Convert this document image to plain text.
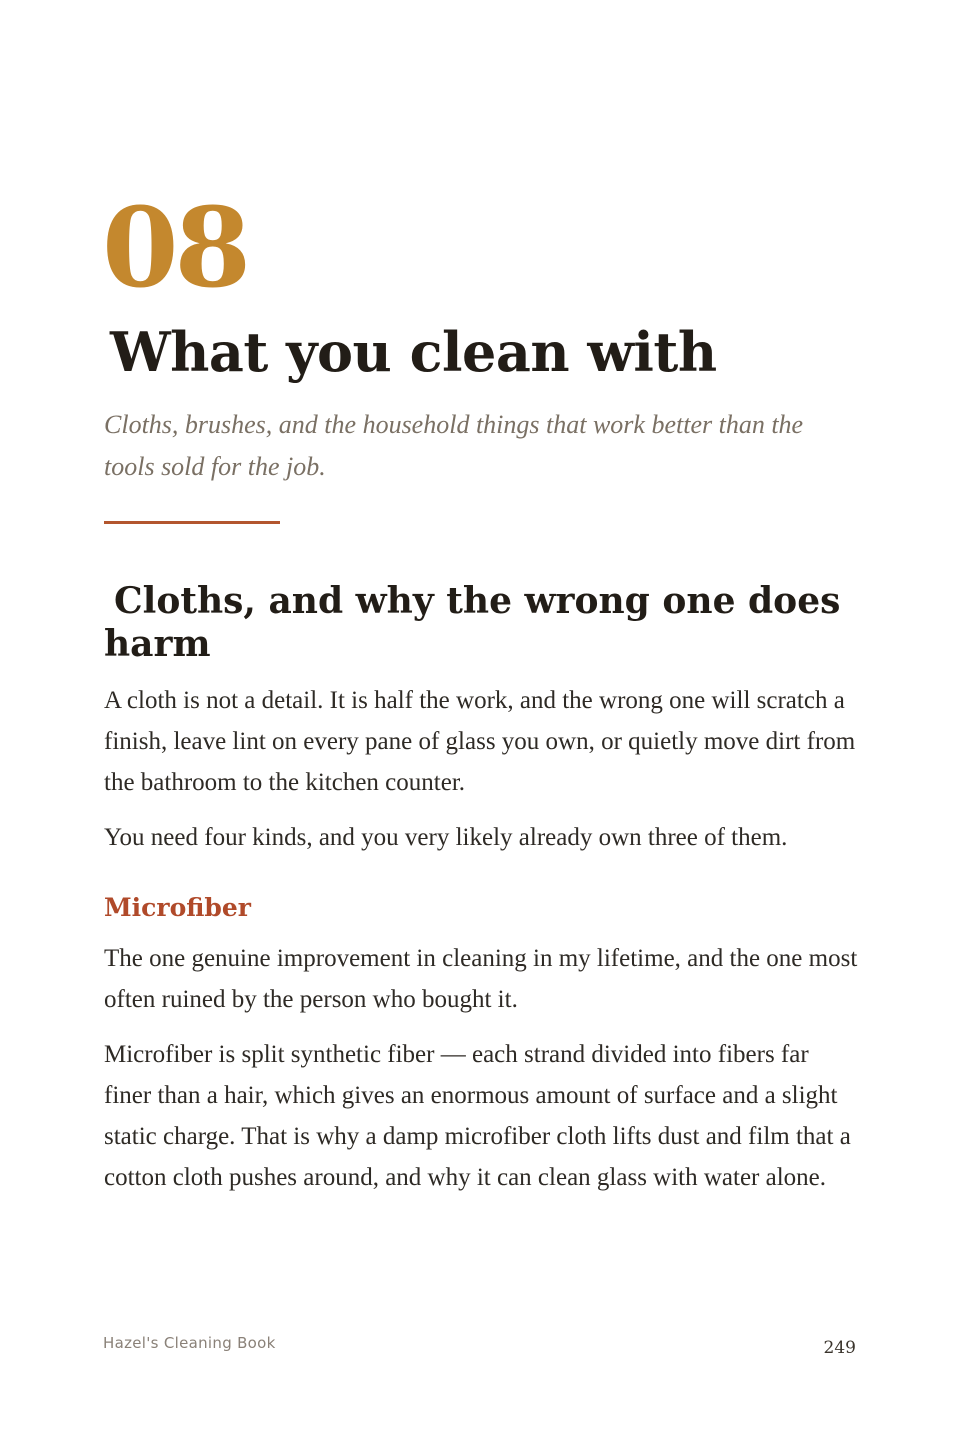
08
What you clean with

Cloths, brushes, and the household things that work better than the tools sold for the job.

Cloths, and why the wrong one does harm

A cloth is not a detail. It is half the work, and the wrong one will scratch a finish, leave lint on every pane of glass you own, or quietly move dirt from the bathroom to the kitchen counter.

You need four kinds, and you very likely already own three of them.

Microfiber

The one genuine improvement in cleaning in my lifetime, and the one most often ruined by the person who bought it.

Microfiber is split synthetic fiber — each strand divided into fibers far finer than a hair, which gives an enormous amount of surface and a slight static charge. That is why a damp microfiber cloth lifts dust and film that a cotton cloth pushes around, and why it can clean glass with water alone.

Hazel's Cleaning Book	249
